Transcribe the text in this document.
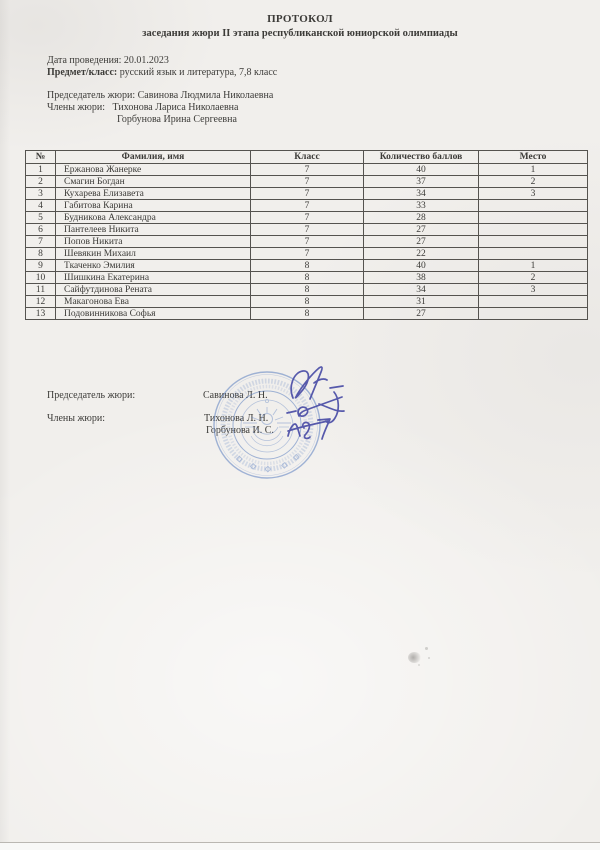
ПРОТОКОЛ
заседания жюри II этапа республиканской юниорской олимпиады
Дата проведения: 20.01.2023
Предмет/класс: русский язык и литература, 7,8 класс
Председатель жюри: Савинова Людмила Николаевна
Члены жюри: Тихонова Лариса Николаевна
Горбунова Ирина Сергеевна
№	Фамилия, имя	Класс	Количество баллов	Место
1	Ержанова Жанерке	7	40	1
2	Смагин Богдан	7	37	2
3	Кухарева Елизавета	7	34	3
4	Габитова Карина	7	33	
5	Будникова Александра	7	28	
6	Пантелеев Никита	7	27	
7	Попов Никита	7	27	
8	Шевякин Михаил	7	22	
9	Ткаченко Эмилия	8	40	1
10	Шишкина Екатерина	8	38	2
11	Сайфутдинова Рената	8	34	3
12	Макагонова Ева	8	31	
13	Подовинникова Софья	8	27	
Председатель жюри:	Савинова Л. Н.
Члены жюри:	Тихонова Л. Н.
Горбунова И. С.
